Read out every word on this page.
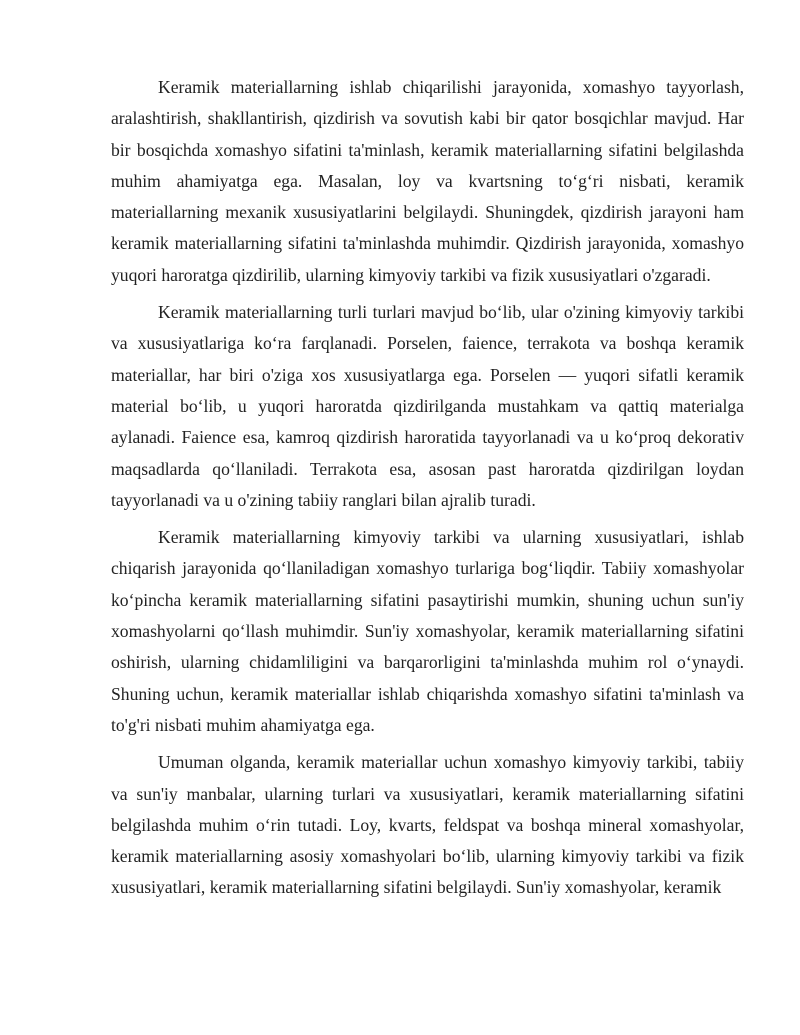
Keramik materiallarning ishlab chiqarilishi jarayonida, xomashyo tayyorlash, aralashtirish, shakllantirish, qizdirish va sovutish kabi bir qator bosqichlar mavjud. Har bir bosqichda xomashyo sifatini ta'minlash, keramik materiallarning sifatini belgilashda muhim ahamiyatga ega. Masalan, loy va kvartsning to‘g‘ri nisbati, keramik materiallarning mexanik xususiyatlarini belgilaydi. Shuningdek, qizdirish jarayoni ham keramik materiallarning sifatini ta'minlashda muhimdir. Qizdirish jarayonida, xomashyo yuqori haroratga qizdirilib, ularning kimyoviy tarkibi va fizik xususiyatlari o'zgaradi.

Keramik materiallarning turli turlari mavjud bo‘lib, ular o'zining kimyoviy tarkibi va xususiyatlariga ko‘ra farqlanadi. Porselen, faience, terrakota va boshqa keramik materiallar, har biri o'ziga xos xususiyatlarga ega. Porselen — yuqori sifatli keramik material bo‘lib, u yuqori haroratda qizdirilganda mustahkam va qattiq materialga aylanadi. Faience esa, kamroq qizdirish haroratida tayyorlanadi va u ko‘proq dekorativ maqsadlarda qo‘llaniladi. Terrakota esa, asosan past haroratda qizdirilgan loydan tayyorlanadi va u o'zining tabiiy ranglari bilan ajralib turadi.

Keramik materiallarning kimyoviy tarkibi va ularning xususiyatlari, ishlab chiqarish jarayonida qo‘llaniladigan xomashyo turlariga bog‘liqdir. Tabiiy xomashyolar ko‘pincha keramik materiallarning sifatini pasaytirishi mumkin, shuning uchun sun'iy xomashyolarni qo‘llash muhimdir. Sun'iy xomashyolar, keramik materiallarning sifatini oshirish, ularning chidamliligini va barqarorligini ta'minlashda muhim rol o‘ynaydi. Shuning uchun, keramik materiallar ishlab chiqarishda xomashyo sifatini ta'minlash va to'g'ri nisbati muhim ahamiyatga ega.

Umuman olganda, keramik materiallar uchun xomashyo kimyoviy tarkibi, tabiiy va sun'iy manbalar, ularning turlari va xususiyatlari, keramik materiallarning sifatini belgilashda muhim o‘rin tutadi. Loy, kvarts, feldspat va boshqa mineral xomashyolar, keramik materiallarning asosiy xomashyolari bo‘lib, ularning kimyoviy tarkibi va fizik xususiyatlari, keramik materiallarning sifatini belgilaydi. Sun'iy xomashyolar, keramik
